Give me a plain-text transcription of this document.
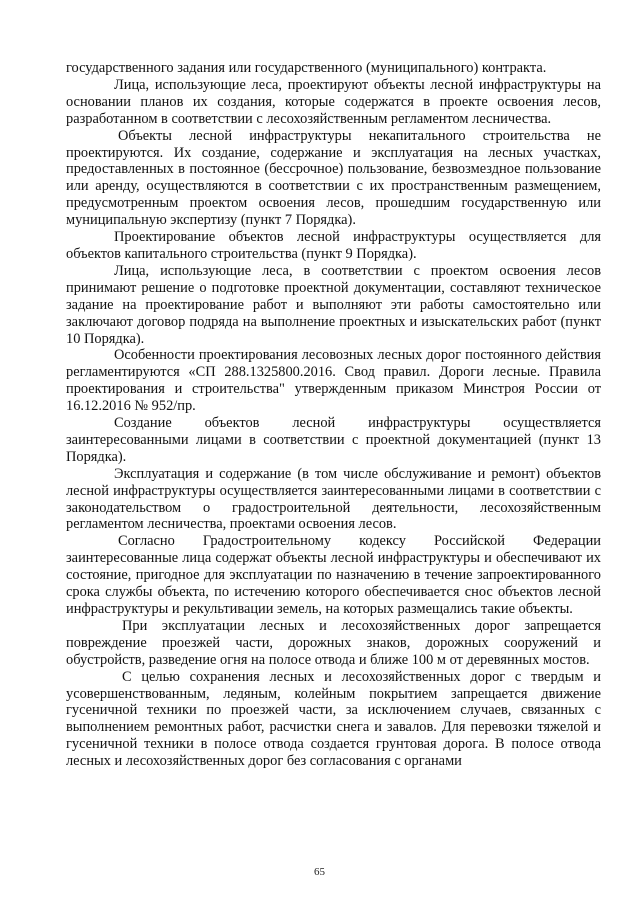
государственного задания или государственного (муниципального) контракта.

Лица, использующие леса, проектируют объекты лесной инфраструктуры на основании планов их создания, которые содержатся в проекте освоения лесов, разработанном в соответствии с лесохозяйственным регламентом лесничества.

Объекты лесной инфраструктуры некапитального строительства не проектируются. Их создание, содержание и эксплуатация на лесных участках, предоставленных в постоянное (бессрочное) пользование, безвозмездное пользование или аренду, осуществляются в соответствии с их пространственным размещением, предусмотренным проектом освоения лесов, прошедшим государственную или муниципальную экспертизу (пункт 7 Порядка).

Проектирование объектов лесной инфраструктуры осуществляется для объектов капитального строительства (пункт 9 Порядка).

Лица, использующие леса, в соответствии с проектом освоения лесов принимают решение о подготовке проектной документации, составляют техническое задание на проектирование работ и выполняют эти работы самостоятельно или заключают договор подряда на выполнение проектных и изыскательских работ (пункт 10 Порядка).

Особенности проектирования лесовозных лесных дорог постоянного действия регламентируются «СП 288.1325800.2016. Свод правил. Дороги лесные. Правила проектирования и строительства" утвержденным приказом Минстроя России от 16.12.2016 № 952/пр.

Создание объектов лесной инфраструктуры осуществляется заинтересованными лицами в соответствии с проектной документацией (пункт 13 Порядка).

Эксплуатация и содержание (в том числе обслуживание и ремонт) объектов лесной инфраструктуры осуществляется заинтересованными лицами в соответствии с законодательством о градостроительной деятельности, лесохозяйственным регламентом лесничества, проектами освоения лесов.

Согласно Градостроительному кодексу Российской Федерации заинтересованные лица содержат объекты лесной инфраструктуры и обеспечивают их состояние, пригодное для эксплуатации по назначению в течение запроектированного срока службы объекта, по истечению которого обеспечивается снос объектов лесной инфраструктуры и рекультивации земель, на которых размещались такие объекты.

При эксплуатации лесных и лесохозяйственных дорог запрещается повреждение проезжей части, дорожных знаков, дорожных сооружений и обустройств, разведение огня на полосе отвода и ближе 100 м от деревянных мостов.

С целью сохранения лесных и лесохозяйственных дорог с твердым и усовершенствованным, ледяным, колейным покрытием запрещается движение гусеничной техники по проезжей части, за исключением случаев, связанных с выполнением ремонтных работ, расчистки снега и завалов. Для перевозки тяжелой и гусеничной техники в полосе отвода создается грунтовая дорога. В полосе отвода лесных и лесохозяйственных дорог без согласования с органами

65
